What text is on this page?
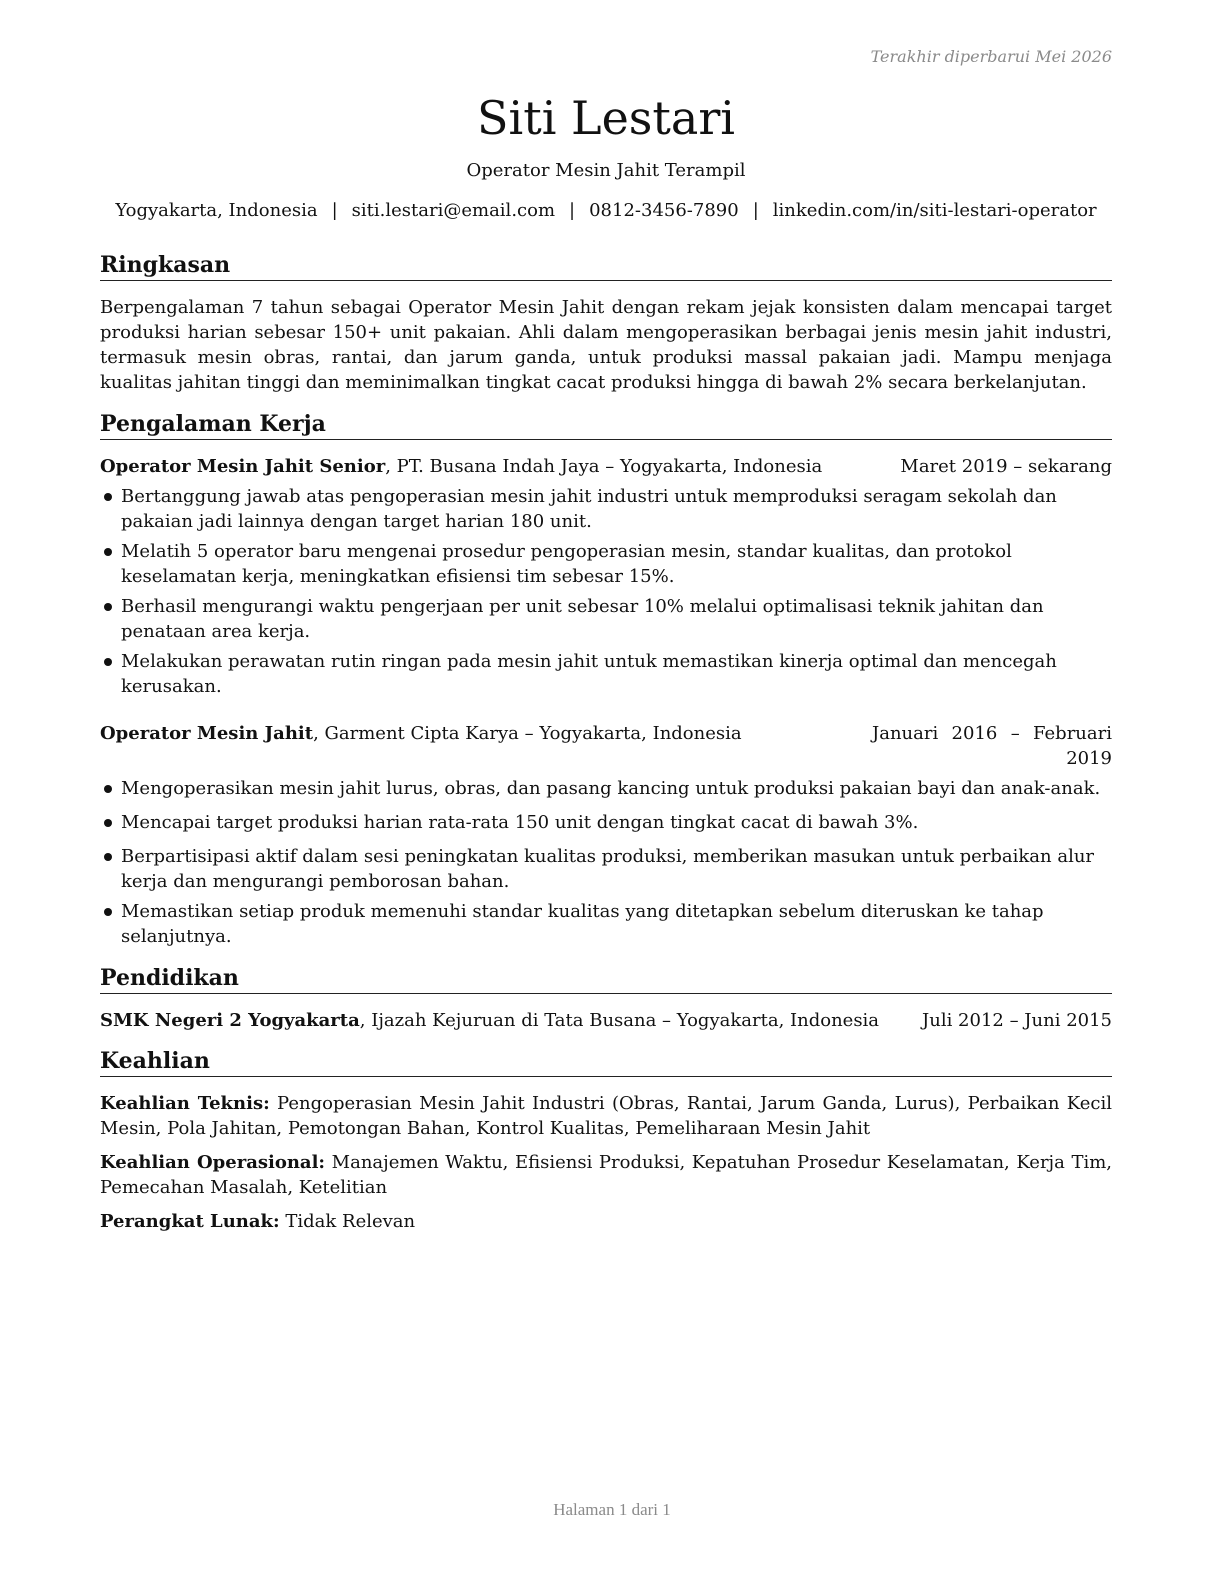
Terakhir diperbarui Mei 2026
Siti Lestari
Operator Mesin Jahit Terampil
Yogyakarta, Indonesia | siti.lestari@email.com | 0812-3456-7890 | linkedin.com/in/siti-lestari-operator
Ringkasan

Berpengalaman 7 tahun sebagai Operator Mesin Jahit dengan rekam jejak konsisten dalam mencapai target produksi harian sebesar 150+ unit pakaian. Ahli dalam mengoperasikan berbagai jenis mesin jahit industri, termasuk mesin obras, rantai, dan jarum ganda, untuk produksi massal pakaian jadi. Mampu menjaga kualitas jahitan tinggi dan meminimalkan tingkat cacat produksi hingga di bawah 2% secara berkelanjutan.

Pengalaman Kerja
Operator Mesin Jahit Senior, PT. Busana Indah Jaya – Yogyakarta, Indonesia	Maret 2019 – sekarang
Bertanggung jawab atas pengoperasian mesin jahit industri untuk memproduksi seragam sekolah dan pakaian jadi lainnya dengan target harian 180 unit.
Melatih 5 operator baru mengenai prosedur pengoperasian mesin, standar kualitas, dan protokol keselamatan kerja, meningkatkan efisiensi tim sebesar 15%.
Berhasil mengurangi waktu pengerjaan per unit sebesar 10% melalui optimalisasi teknik jahitan dan penataan area kerja.
Melakukan perawatan rutin ringan pada mesin jahit untuk memastikan kinerja optimal dan mencegah kerusakan.
Operator Mesin Jahit, Garment Cipta Karya – Yogyakarta, Indonesia	Januari 2016 – Februari 2019
Mengoperasikan mesin jahit lurus, obras, dan pasang kancing untuk produksi pakaian bayi dan anak-anak.
Mencapai target produksi harian rata-rata 150 unit dengan tingkat cacat di bawah 3%.
Berpartisipasi aktif dalam sesi peningkatan kualitas produksi, memberikan masukan untuk perbaikan alur kerja dan mengurangi pemborosan bahan.
Memastikan setiap produk memenuhi standar kualitas yang ditetapkan sebelum diteruskan ke tahap selanjutnya.
Pendidikan
SMK Negeri 2 Yogyakarta, Ijazah Kejuruan di Tata Busana – Yogyakarta, Indonesia	Juli 2012 – Juni 2015
Keahlian

Keahlian Teknis: Pengoperasian Mesin Jahit Industri (Obras, Rantai, Jarum Ganda, Lurus), Perbaikan Kecil Mesin, Pola Jahitan, Pemotongan Bahan, Kontrol Kualitas, Pemeliharaan Mesin Jahit

Keahlian Operasional: Manajemen Waktu, Efisiensi Produksi, Kepatuhan Prosedur Keselamatan, Kerja Tim, Pemecahan Masalah, Ketelitian

Perangkat Lunak: Tidak Relevan

Halaman 1 dari 1
